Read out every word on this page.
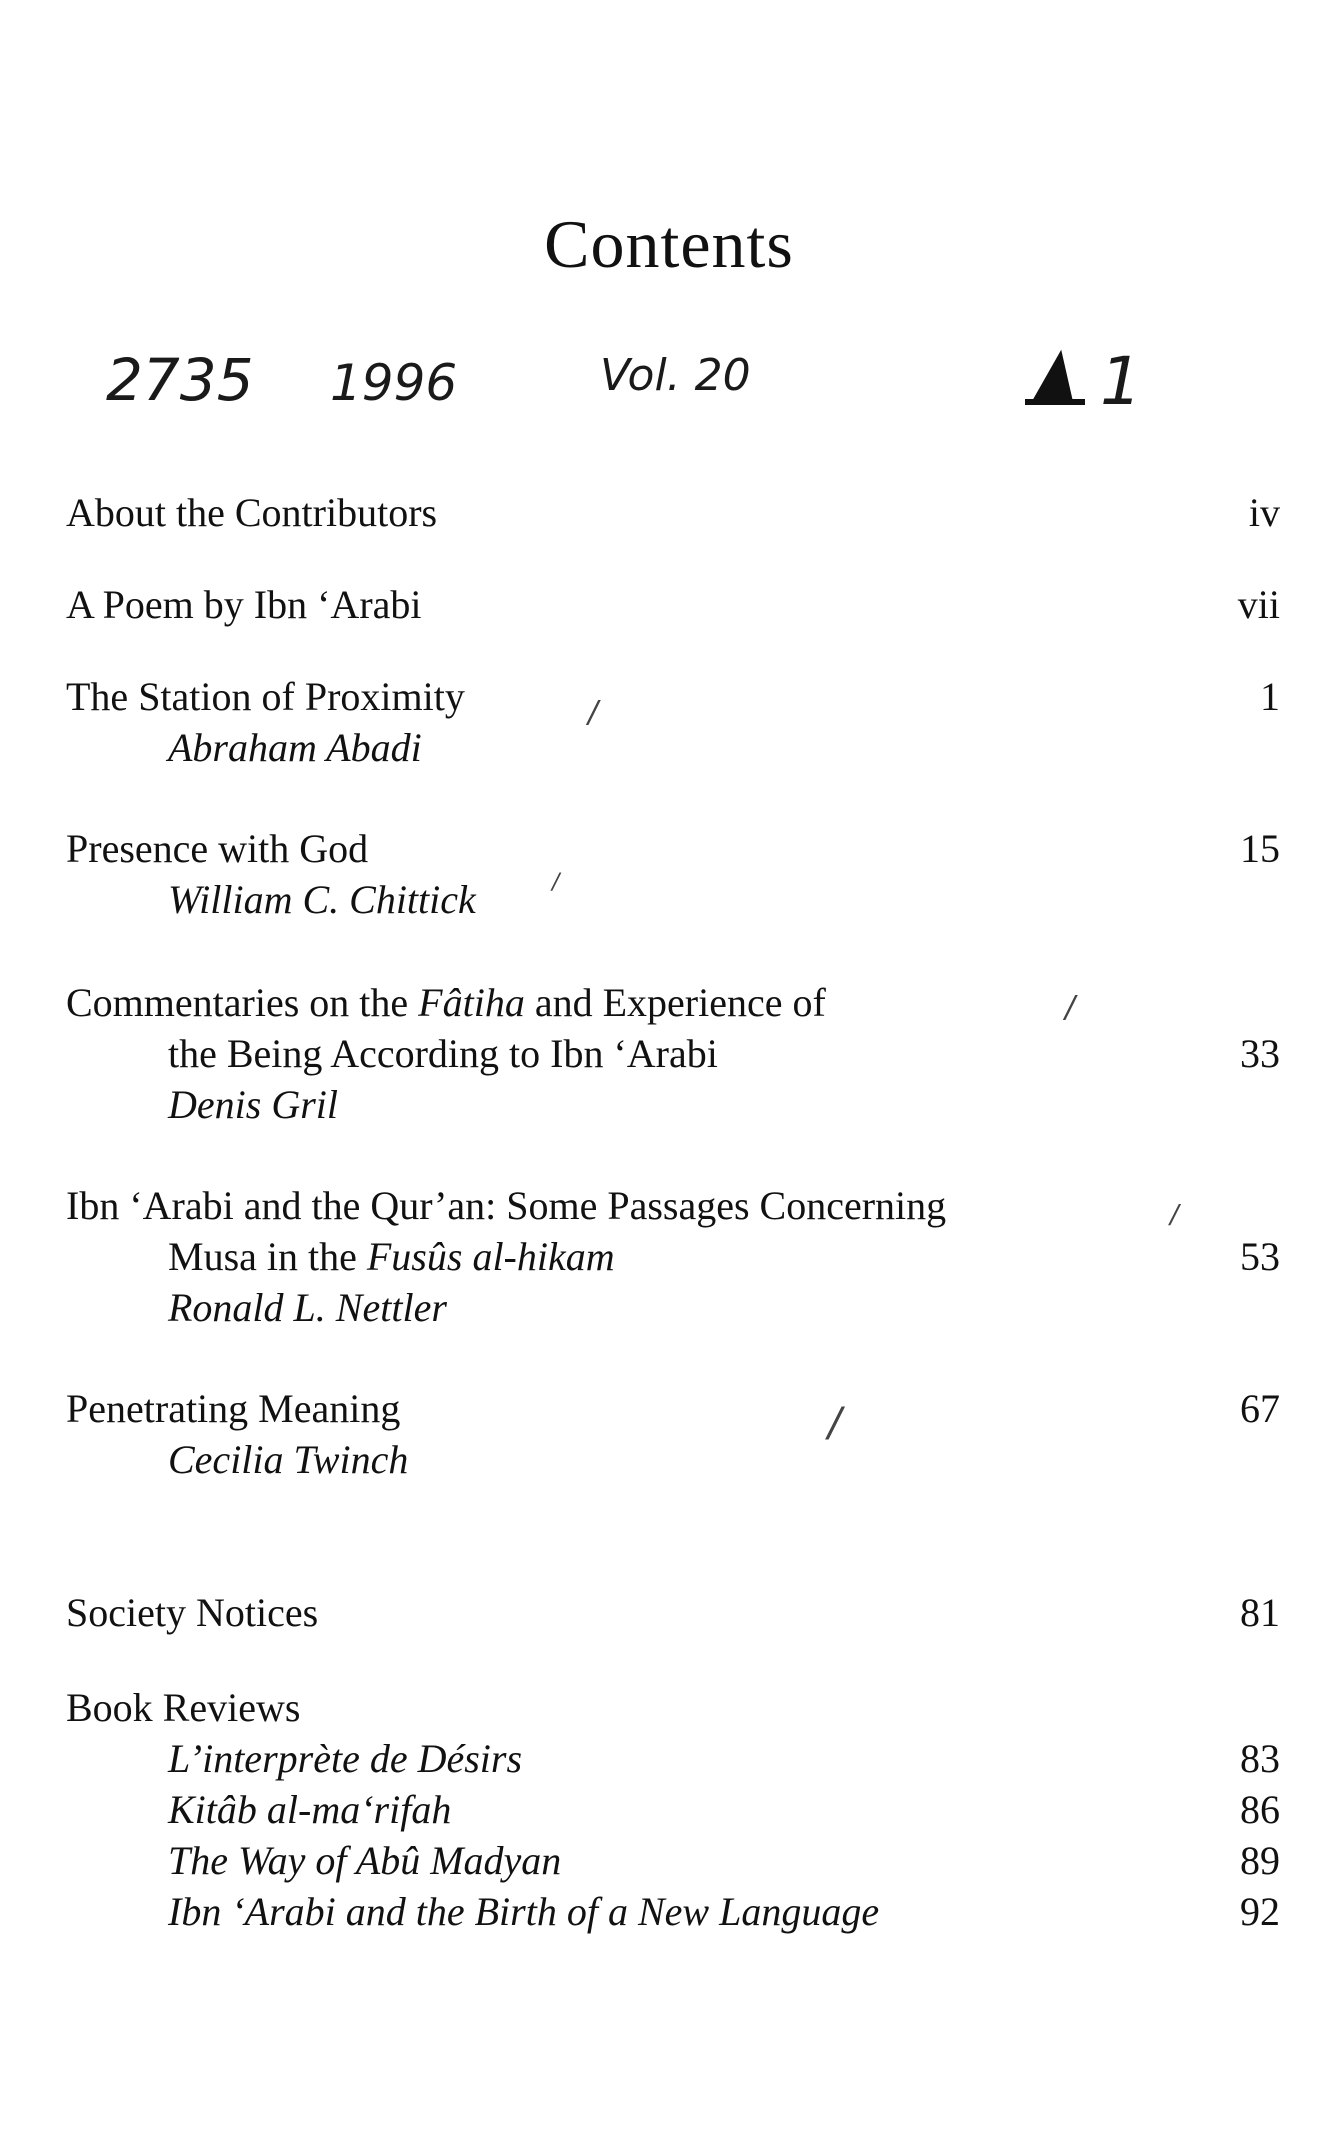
Contents
2735 1996	Vol. 20	1
About the Contributors	iv
A Poem by Ibn ‘Arabi	vii
The Station of Proximity	1
Abraham Abadi
/
Presence with God	15
William C. Chittick	/
Commentaries on the Fâtiha and Experience of
the Being According to Ibn ‘Arabi	33
Denis Gril
/
Ibn ‘Arabi and the Qur’an: Some Passages Concerning
Musa in the Fusûs al-hikam	53
Ronald L. Nettler
/
Penetrating Meaning	67
Cecilia Twinch
/
Society Notices	81
Book Reviews
L’interprète de Désirs	83
Kitâb al-ma‘rifah	86
The Way of Abû Madyan	89
Ibn ‘Arabi and the Birth of a New Language	92
